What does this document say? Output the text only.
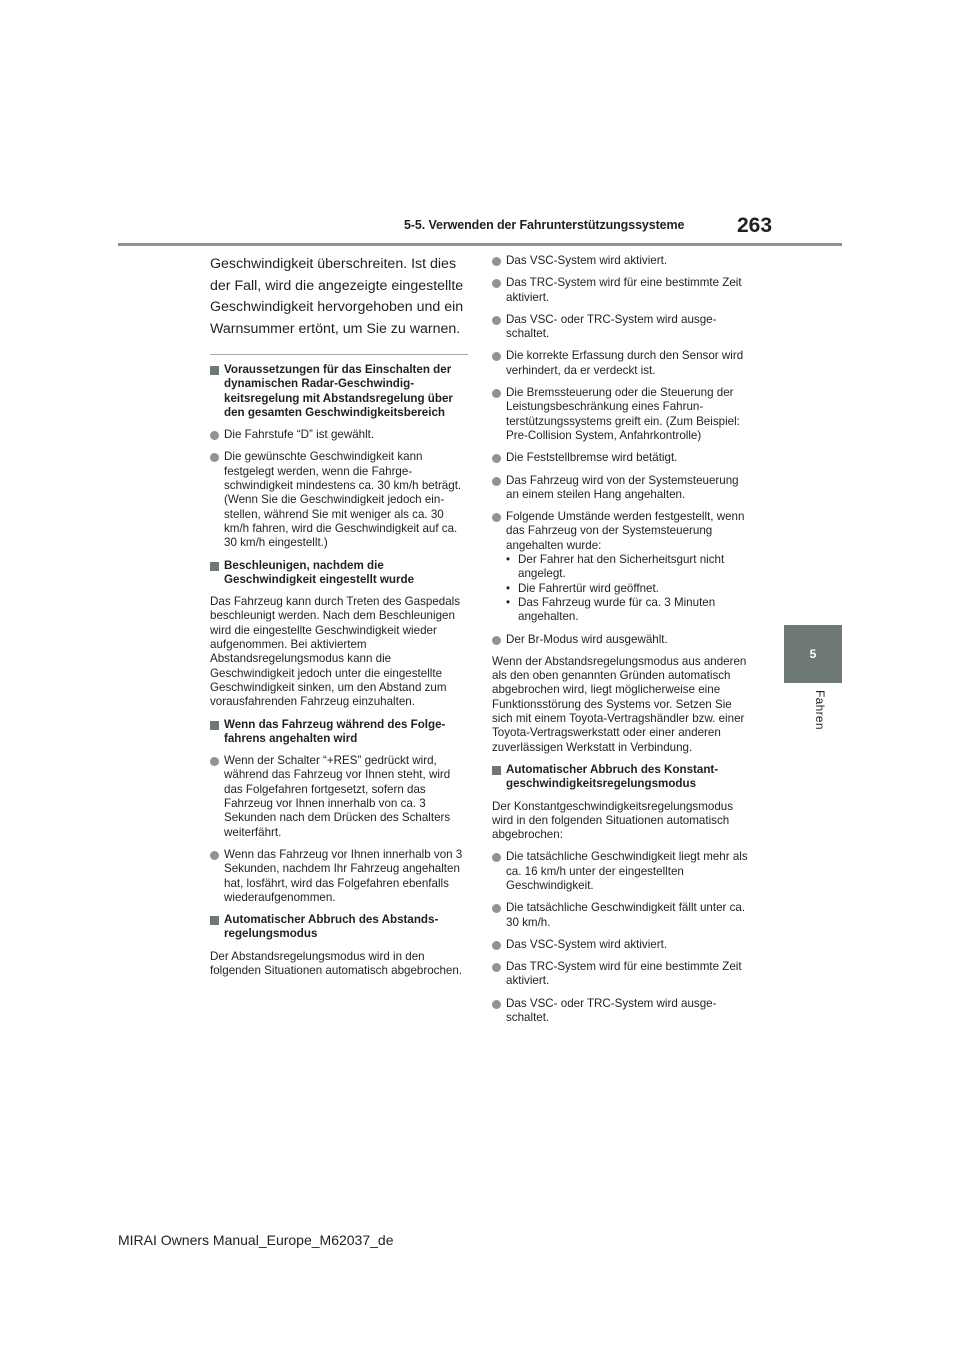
5-5. Verwenden der Fahrunterstützungssysteme	263
5
Fahren

Geschwindigkeit überschreiten. Ist dies der Fall, wird die angezeigte eingestellte Geschwindigkeit hervorgehoben und ein Warnsummer ertönt, um Sie zu warnen.

Voraussetzungen für das Einschalten der dynamischen Radar-Geschwindigkeitsregelung mit Abstandsregelung über den gesamten Geschwindigkeitsbereich
Die Fahrstufe “D” ist gewählt.
Die gewünschte Geschwindigkeit kann festgelegt werden, wenn die Fahrgeschwindigkeit mindestens ca. 30 km/h beträgt.
(Wenn Sie die Geschwindigkeit jedoch einstellen, während Sie mit weniger als ca. 30 km/h fahren, wird die Geschwindigkeit auf ca. 30 km/h eingestellt.)
Beschleunigen, nachdem die Geschwindigkeit eingestellt wurde

Das Fahrzeug kann durch Treten des Gaspedals beschleunigt werden. Nach dem Beschleunigen wird die eingestellte Geschwindigkeit wieder aufgenommen. Bei aktiviertem Abstandsregelungsmodus kann die Geschwindigkeit jedoch unter die eingestellte Geschwindigkeit sinken, um den Abstand zum vorausfahrenden Fahrzeug einzuhalten.

Wenn das Fahrzeug während des Folgefahrens angehalten wird
Wenn der Schalter “+RES” gedrückt wird, während das Fahrzeug vor Ihnen steht, wird das Folgefahren fortgesetzt, sofern das Fahrzeug vor Ihnen innerhalb von ca. 3 Sekunden nach dem Drücken des Schalters weiterfährt.
Wenn das Fahrzeug vor Ihnen innerhalb von 3 Sekunden, nachdem Ihr Fahrzeug angehalten hat, losfährt, wird das Folgefahren ebenfalls wiederaufgenommen.
Automatischer Abbruch des Abstandsregelungsmodus

Der Abstandsregelungsmodus wird in den folgenden Situationen automatisch abgebrochen.

Das VSC-System wird aktiviert.
Das TRC-System wird für eine bestimmte Zeit aktiviert.
Das VSC- oder TRC-System wird ausgeschaltet.
Die korrekte Erfassung durch den Sensor wird verhindert, da er verdeckt ist.
Die Bremssteuerung oder die Steuerung der Leistungsbeschränkung eines Fahrunterstützungssystems greift ein. (Zum Beispiel: Pre-Collision System, Anfahrkontrolle)
Die Feststellbremse wird betätigt.
Das Fahrzeug wird von der Systemsteuerung an einem steilen Hang angehalten.
Folgende Umstände werden festgestellt, wenn das Fahrzeug von der Systemsteuerung angehalten wurde:
• Der Fahrer hat den Sicherheitsgurt nicht angelegt.
• Die Fahrertür wird geöffnet.
• Das Fahrzeug wurde für ca. 3 Minuten angehalten.
Der Br-Modus wird ausgewählt.

Wenn der Abstandsregelungsmodus aus anderen als den oben genannten Gründen automatisch abgebrochen wird, liegt möglicherweise eine Funktionsstörung des Systems vor. Setzen Sie sich mit einem Toyota-Vertragshändler bzw. einer Toyota-Vertragswerkstatt oder einer anderen zuverlässigen Werkstatt in Verbindung.

Automatischer Abbruch des Konstantgeschwindigkeitsregelungsmodus

Der Konstantgeschwindigkeitsregelungsmodus wird in den folgenden Situationen automatisch abgebrochen:

Die tatsächliche Geschwindigkeit liegt mehr als ca. 16 km/h unter der eingestellten Geschwindigkeit.
Die tatsächliche Geschwindigkeit fällt unter ca. 30 km/h.
Das VSC-System wird aktiviert.
Das TRC-System wird für eine bestimmte Zeit aktiviert.
Das VSC- oder TRC-System wird ausgeschaltet.
MIRAI Owners Manual_Europe_M62037_de
